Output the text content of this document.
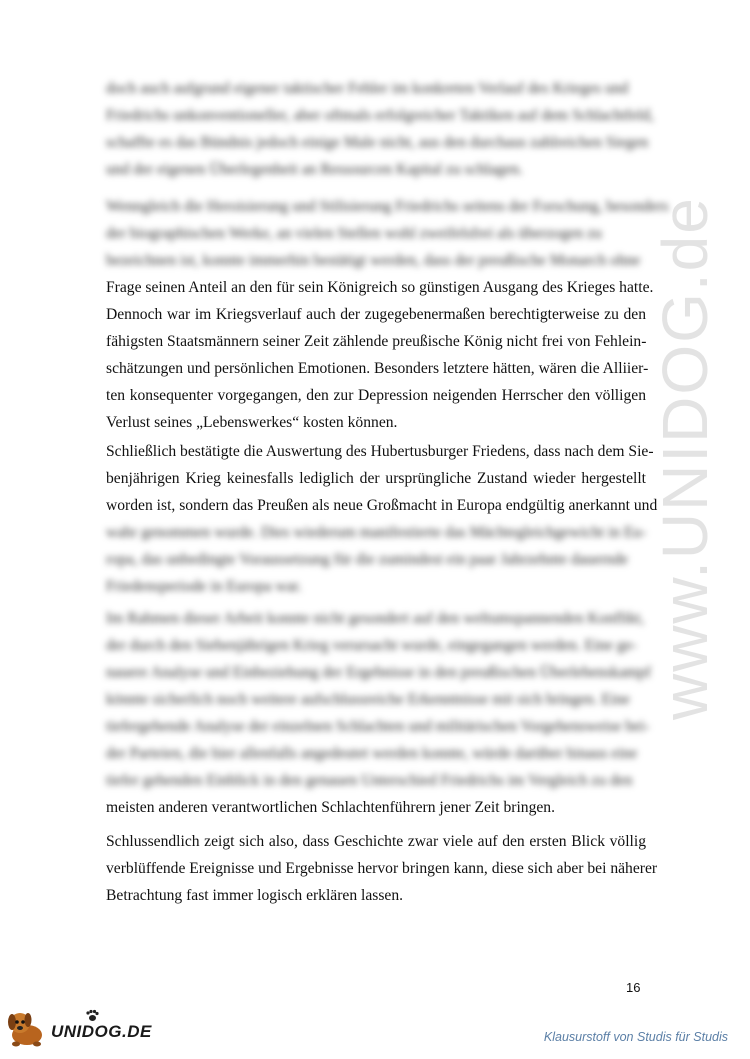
www.UNIDOG.de
doch auch aufgrund eigener taktischer Fehler im konkreten Verlauf des Krieges und
Friedrichs unkonventioneller, aber oftmals erfolgreicher Taktiken auf dem Schlachtfeld,
schaffte es das Bündnis jedoch einige Male nicht, aus den durchaus zahlreichen Siegen
und der eigenen Überlegenheit an Ressourcen Kapital zu schlagen.
Wenngleich die Heroisierung und Stilisierung Friedrichs seitens der Forschung, besonders
der biographischen Werke, an vielen Stellen wohl zweifelsfrei als überzogen zu
bezeichnen ist, konnte immerhin bestätigt werden, dass der preußische Monarch ohne
Frage seinen Anteil an den für sein Königreich so günstigen Ausgang des Krieges hatte.
Dennoch war im Kriegsverlauf auch der zugegebenermaßen berechtigterweise zu den
fähigsten Staatsmännern seiner Zeit zählende preußische König nicht frei von Fehlein-
schätzungen und persönlichen Emotionen. Besonders letztere hätten, wären die Alliier-
ten konsequenter vorgegangen, den zur Depression neigenden Herrscher den völligen
Verlust seines „Lebenswerkes“ kosten können.
Schließlich bestätigte die Auswertung des Hubertusburger Friedens, dass nach dem Sie-
benjährigen Krieg keinesfalls lediglich der ursprüngliche Zustand wieder hergestellt
worden ist, sondern das Preußen als neue Großmacht in Europa endgültig anerkannt und
wahr genommen wurde. Dies wiederum manifestierte das Mächtegleichgewicht in Eu-
ropa, das unbedingte Voraussetzung für die zumindest ein paar Jahrzehnte dauernde
Friedensperiode in Europa war.
Im Rahmen dieser Arbeit konnte nicht gesondert auf den weltumspannenden Konflikt,
der durch den Siebenjährigen Krieg verursacht wurde, eingegangen werden. Eine ge-
nauere Analyse und Einbeziehung der Ergebnisse in den preußischen Überlebenskampf
könnte sicherlich noch weitere aufschlussreiche Erkenntnisse mit sich bringen. Eine
tiefergehende Analyse der einzelnen Schlachten und militärischen Vorgehensweise bei-
der Parteien, die hier allenfalls angedeutet werden konnte, würde darüber hinaus eine
tiefer gehenden Einblick in den genauen Unterschied Friedrichs im Vergleich zu den
meisten anderen verantwortlichen Schlachtenführern jener Zeit bringen.
Schlussendlich zeigt sich also, dass Geschichte zwar viele auf den ersten Blick völlig
verblüffende Ereignisse und Ergebnisse hervor bringen kann, diese sich aber bei näherer
Betrachtung fast immer logisch erklären lassen.
16
UNIDOG.DE	Klausurstoff von Studis für Studis
